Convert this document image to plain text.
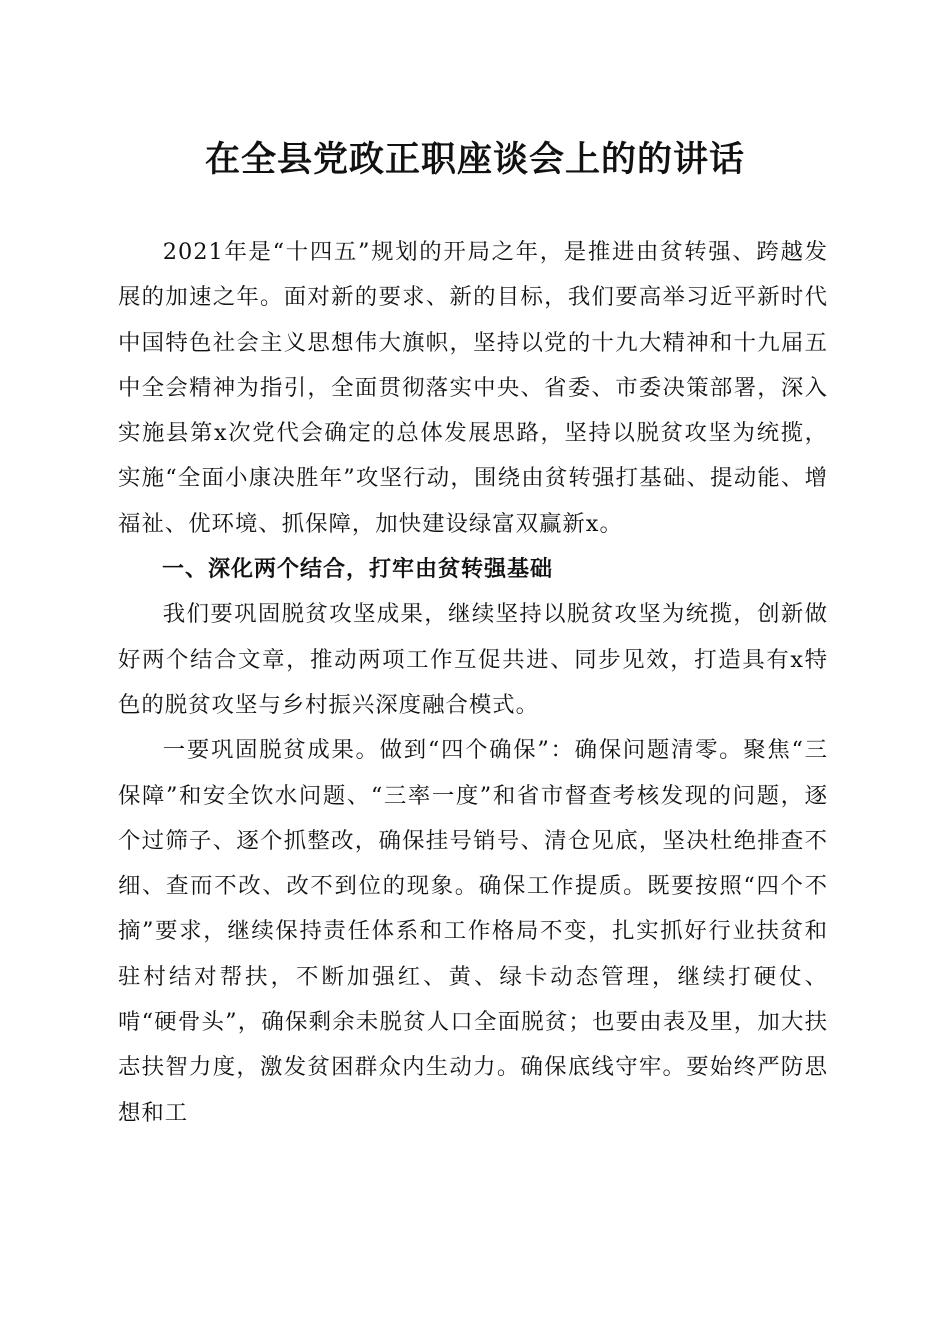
在全县党政正职座谈会上的的讲话

2021年是“十四五”规划的开局之年，是推进由贫转强、跨越发展的加速之年。面对新的要求、新的目标，我们要高举习近平新时代中国特色社会主义思想伟大旗帜，坚持以党的十九大精神和十九届五中全会精神为指引，全面贯彻落实中央、省委、市委决策部署，深入实施县第x次党代会确定的总体发展思路，坚持以脱贫攻坚为统揽，实施“全面小康决胜年”攻坚行动，围绕由贫转强打基础、提动能、增福祉、优环境、抓保障，加快建设绿富双赢新x。

一、深化两个结合，打牢由贫转强基础

我们要巩固脱贫攻坚成果，继续坚持以脱贫攻坚为统揽，创新做好两个结合文章，推动两项工作互促共进、同步见效，打造具有x特色的脱贫攻坚与乡村振兴深度融合模式。

一要巩固脱贫成果。做到“四个确保”：确保问题清零。聚焦“三保障”和安全饮水问题、“三率一度”和省市督查考核发现的问题，逐个过筛子、逐个抓整改，确保挂号销号、清仓见底，坚决杜绝排查不细、查而不改、改不到位的现象。确保工作提质。既要按照“四个不摘”要求，继续保持责任体系和工作格局不变，扎实抓好行业扶贫和驻村结对帮扶，不断加强红、黄、绿卡动态管理，继续打硬仗、啃“硬骨头”，确保剩余未脱贫人口全面脱贫；也要由表及里，加大扶志扶智力度，激发贫困群众内生动力。确保底线守牢。要始终严防思想和工
